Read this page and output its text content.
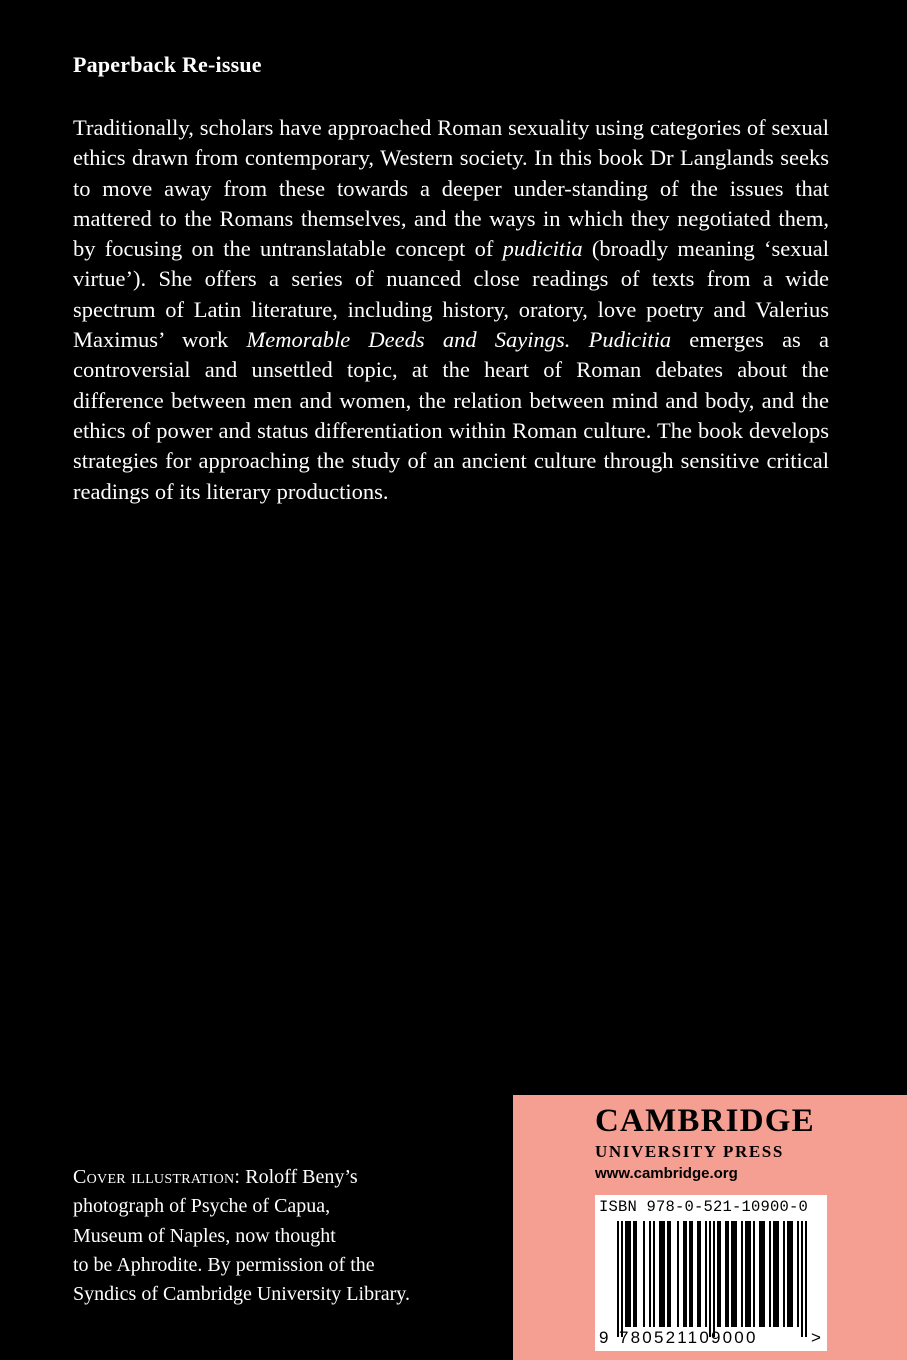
Paperback Re-issue

Traditionally, scholars have approached Roman sexuality using categories of sexual ethics drawn from contemporary, Western society. In this book Dr Langlands seeks to move away from these towards a deeper under-standing of the issues that mattered to the Romans themselves, and the ways in which they negotiated them, by focusing on the untranslatable concept of pudicitia (broadly meaning ‘sexual virtue’). She offers a series of nuanced close readings of texts from a wide spectrum of Latin literature, including history, oratory, love poetry and Valerius Maximus’ work Memorable Deeds and Sayings. Pudicitia emerges as a controversial and unsettled topic, at the heart of Roman debates about the difference between men and women, the relation between mind and body, and the ethics of power and status differentiation within Roman culture. The book develops strategies for approaching the study of an ancient culture through sensitive critical readings of its literary productions.

Cover illustration: Roloff Beny’s
photograph of Psyche of Capua,
Museum of Naples, now thought
to be Aphrodite. By permission of the
Syndics of Cambridge University Library.
CAMBRIDGE
UNIVERSITY PRESS
www.cambridge.org
ISBN 978-0-521-10900-0
9 780521109000	>
